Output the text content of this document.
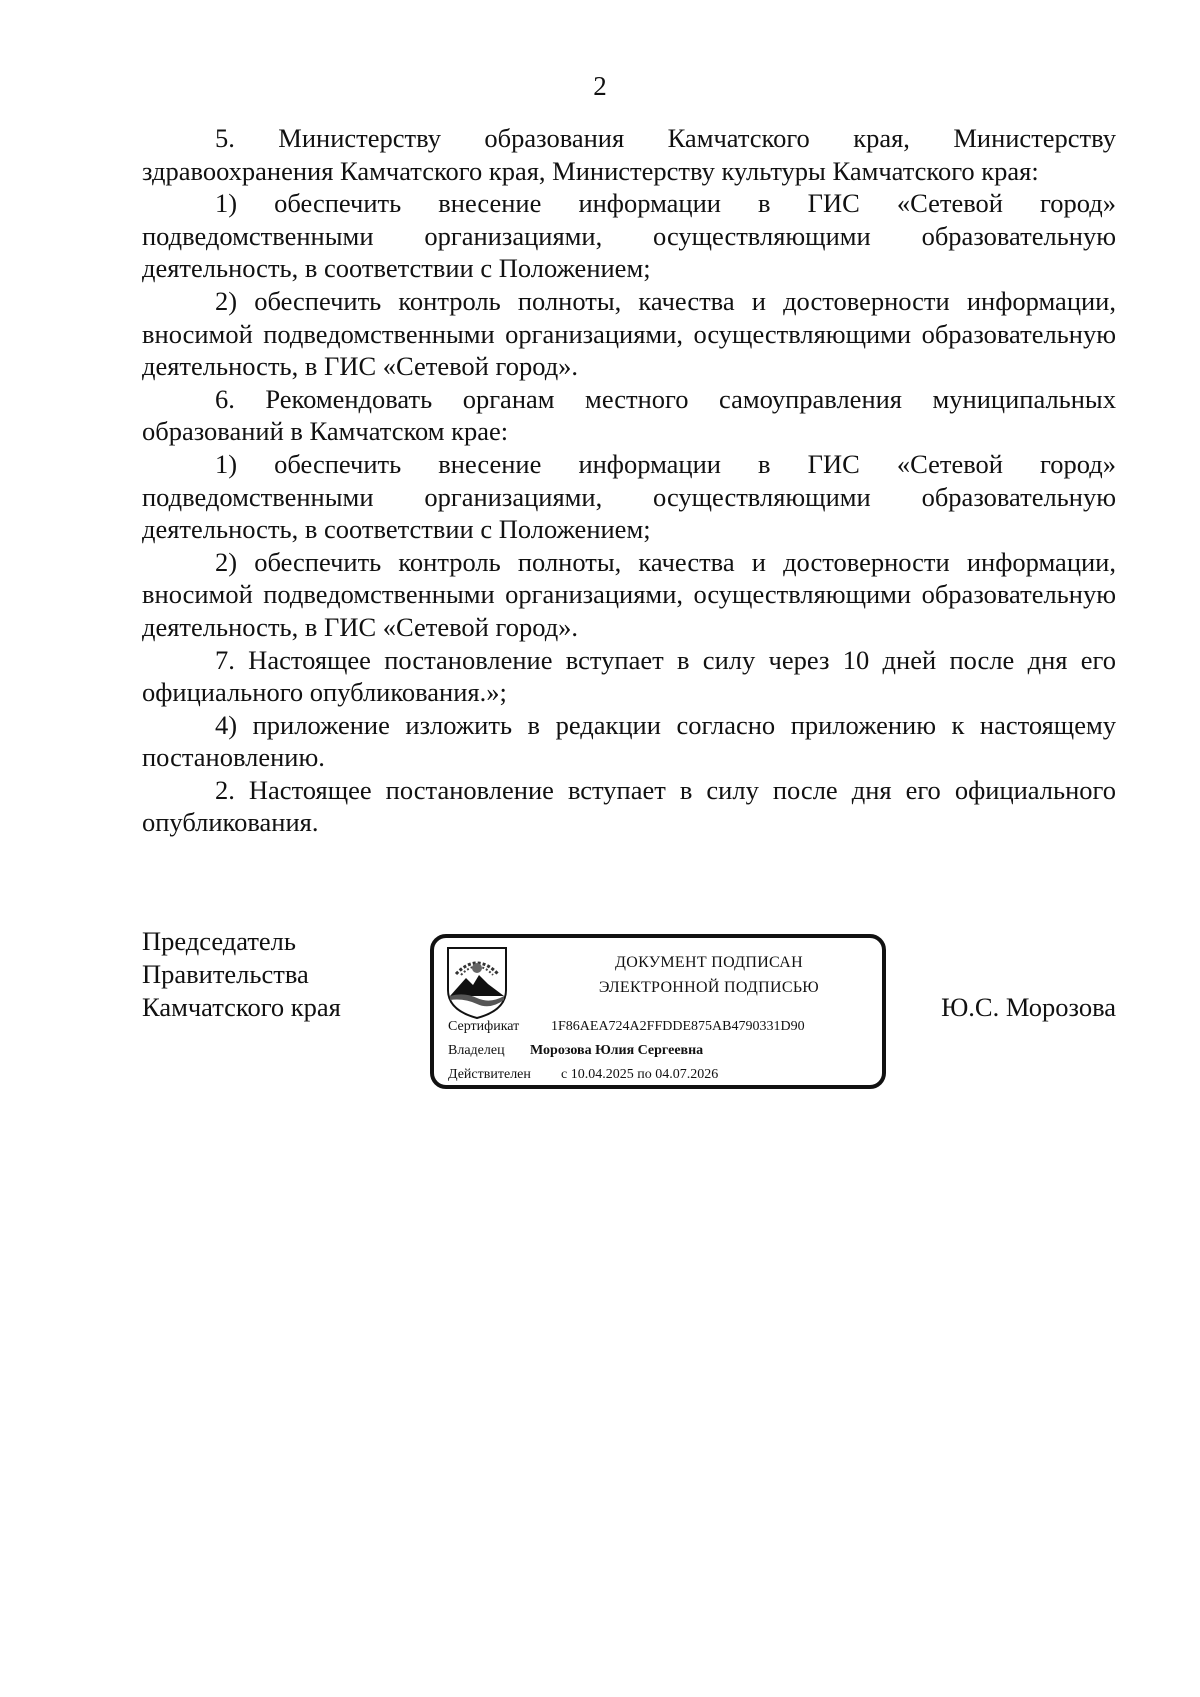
2

5. Министерству образования Камчатского края, Министерству здравоохранения Камчатского края, Министерству культуры Камчатского края:

1) обеспечить внесение информации в ГИС «Сетевой город» подведомственными организациями, осуществляющими образовательную деятельность, в соответствии с Положением;

2) обеспечить контроль полноты, качества и достоверности информации, вносимой подведомственными организациями, осуществляющими образовательную деятельность, в ГИС «Сетевой город».

6. Рекомендовать органам местного самоуправления муниципальных образований в Камчатском крае:

1) обеспечить внесение информации в ГИС «Сетевой город» подведомственными организациями, осуществляющими образовательную деятельность, в соответствии с Положением;

2) обеспечить контроль полноты, качества и достоверности информации, вносимой подведомственными организациями, осуществляющими образовательную деятельность, в ГИС «Сетевой город».

7. Настоящее постановление вступает в силу через 10 дней после дня его официального опубликования.»;

4) приложение изложить в редакции согласно приложению к настоящему постановлению.

2. Настоящее постановление вступает в силу после дня его официального опубликования.

Председатель
Правительства
Камчатского края	Ю.С. Морозова
ДОКУМЕНТ ПОДПИСАН
ЭЛЕКТРОННОЙ ПОДПИСЬЮ
Сертификат 1F86AEA724A2FFDDE875AB4790331D90
Владелец Морозова Юлия Сергеевна
Действителен с 10.04.2025 по 04.07.2026
